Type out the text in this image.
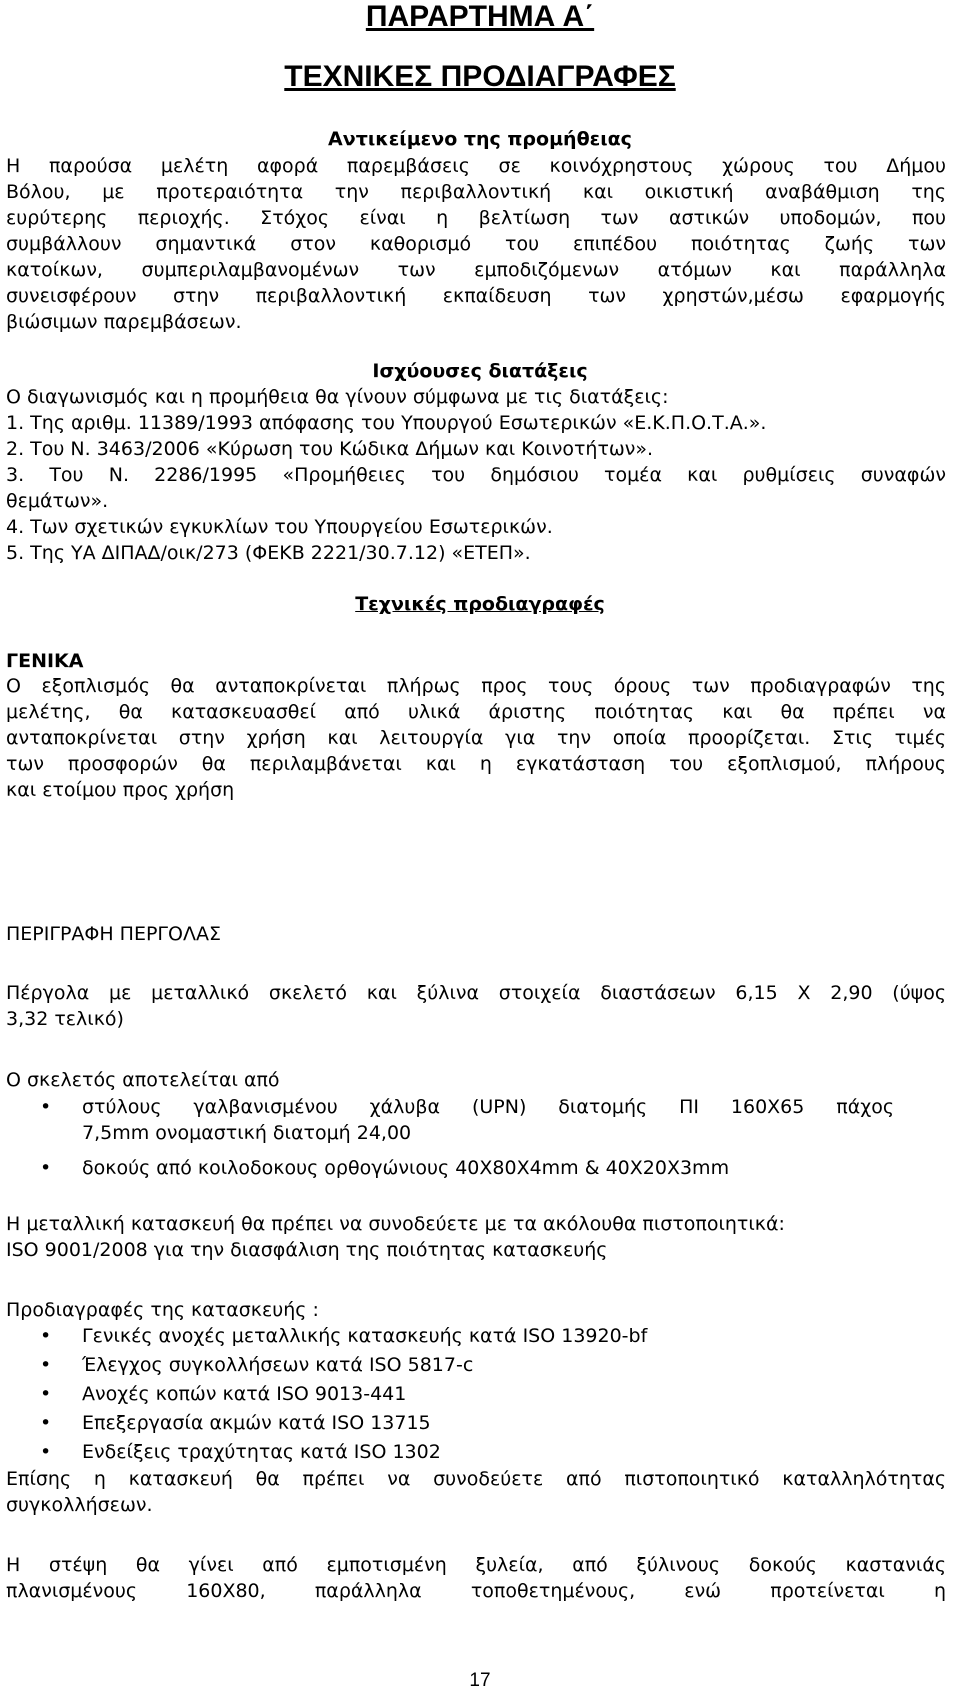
ΠΑΡΑΡΤΗΜΑ Α΄
ΤΕΧΝΙΚΕΣ ΠΡΟΔΙΑΓΡΑΦΕΣ
Αντικείμενο της προμήθειας
Η παρούσα μελέτη αφορά παρεμβάσεις σε κοινόχρηστους χώρους του Δήμου
Βόλου, με προτεραιότητα την περιβαλλοντική και οικιστική αναβάθμιση της
ευρύτερης περιοχής. Στόχος είναι η βελτίωση των αστικών υποδομών, που
συμβάλλουν σημαντικά στον καθορισμό του επιπέδου ποιότητας ζωής των
κατοίκων, συμπεριλαμβανομένων των εμποδιζόμενων ατόμων και παράλληλα
συνεισφέρουν στην περιβαλλοντική εκπαίδευση των χρηστών,μέσω εφαρμογής
βιώσιμων παρεμβάσεων.
Ισχύουσες διατάξεις
Ο διαγωνισμός και η προμήθεια θα γίνουν σύμφωνα με τις διατάξεις:
1. Της αριθμ. 11389/1993 απόφασης του Υπουργού Εσωτερικών «Ε.Κ.Π.Ο.Τ.Α.».
2. Του Ν. 3463/2006 «Κύρωση του Κώδικα Δήμων και Κοινοτήτων».
3. Του Ν. 2286/1995 «Προμήθειες του δημόσιου τομέα και ρυθμίσεις συναφών
θεμάτων».
4. Των σχετικών εγκυκλίων του Υπουργείου Εσωτερικών.
5. Της ΥΑ ΔΙΠΑΔ/οικ/273 (ΦΕΚΒ 2221/30.7.12) «ΕΤΕΠ».
Τεχνικές προδιαγραφές
ΓΕΝΙΚΑ
Ο εξοπλισμός θα ανταποκρίνεται πλήρως προς τους όρους των προδιαγραφών της
μελέτης, θα κατασκευασθεί από υλικά άριστης ποιότητας και θα πρέπει να
ανταποκρίνεται στην χρήση και λειτουργία για την οποία προορίζεται. Στις τιμές
των προσφορών θα περιλαμβάνεται και η εγκατάσταση του εξοπλισμού, πλήρους
και ετοίμου προς χρήση
ΠΕΡΙΓΡΑΦΗ ΠΕΡΓΟΛΑΣ
Πέργολα με μεταλλικό σκελετό και ξύλινα στοιχεία διαστάσεων 6,15 Χ 2,90 (ύψος
3,32 τελικό)
Ο σκελετός αποτελείται από
• στύλους γαλβανισμένου χάλυβα (UPN) διατομής ΠΙ 160Χ65 πάχος
7,5mm ονομαστική διατομή 24,00
• δοκούς από κοιλοδοκους ορθογώνιους 40Χ80Χ4mm & 40Χ20Χ3mm
Η μεταλλική κατασκευή θα πρέπει να συνοδεύετε με τα ακόλουθα πιστοποιητικά:
ISO 9001/2008 για την διασφάλιση της ποιότητας κατασκευής
Προδιαγραφές της κατασκευής :
• Γενικές ανοχές μεταλλικής κατασκευής κατά ISO 13920-bf
• Έλεγχος συγκολλήσεων κατά ISO 5817-c
• Ανοχές κοπών κατά ISO 9013-441
• Επεξεργασία ακμών κατά ISO 13715
• Ενδείξεις τραχύτητας κατά ISO 1302
Επίσης η κατασκευή θα πρέπει να συνοδεύετε από πιστοποιητικό καταλληλότητας
συγκολλήσεων.
Η στέψη θα γίνει από εμποτισμένη ξυλεία, από ξύλινους δοκούς καστανιάς
πλανισμένους 160Χ80, παράλληλα τοποθετημένους, ενώ προτείνεται η
17
